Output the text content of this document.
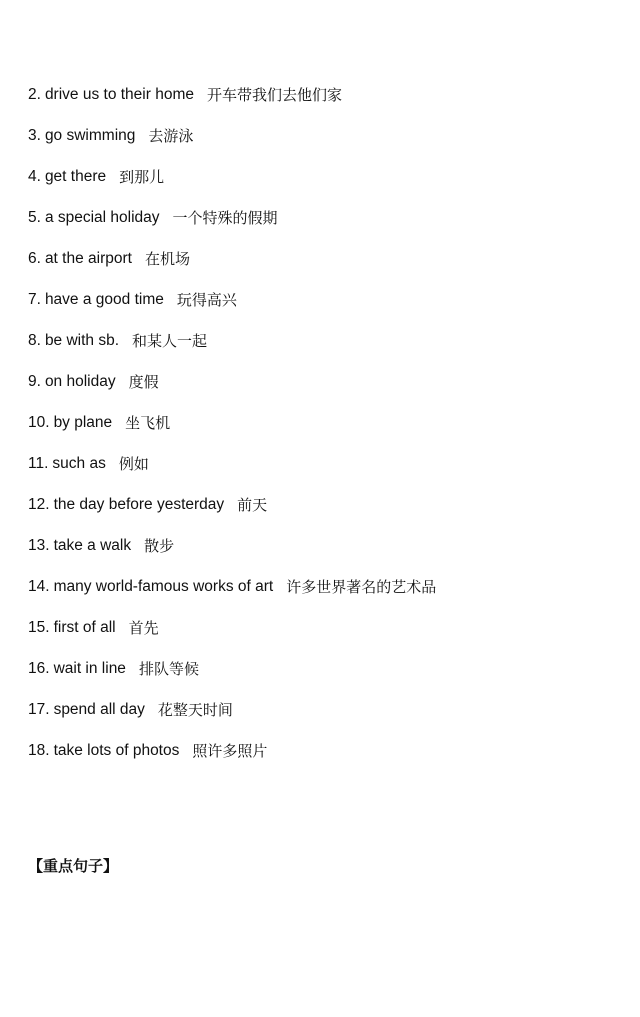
2. drive us to their home 开车带我们去他们家
3. go swimming 去游泳
4. get there 到那儿
5. a special holiday 一个特殊的假期
6. at the airport 在机场
7. have a good time 玩得高兴
8. be with sb. 和某人一起
9. on holiday 度假
10. by plane 坐飞机
11. such as 例如
12. the day before yesterday 前天
13. take a walk 散步
14. many world-famous works of art 许多世界著名的艺术品
15. first of all 首先
16. wait in line 排队等候
17. spend all day 花整天时间
18. take lots of photos 照许多照片
【重点句子】
